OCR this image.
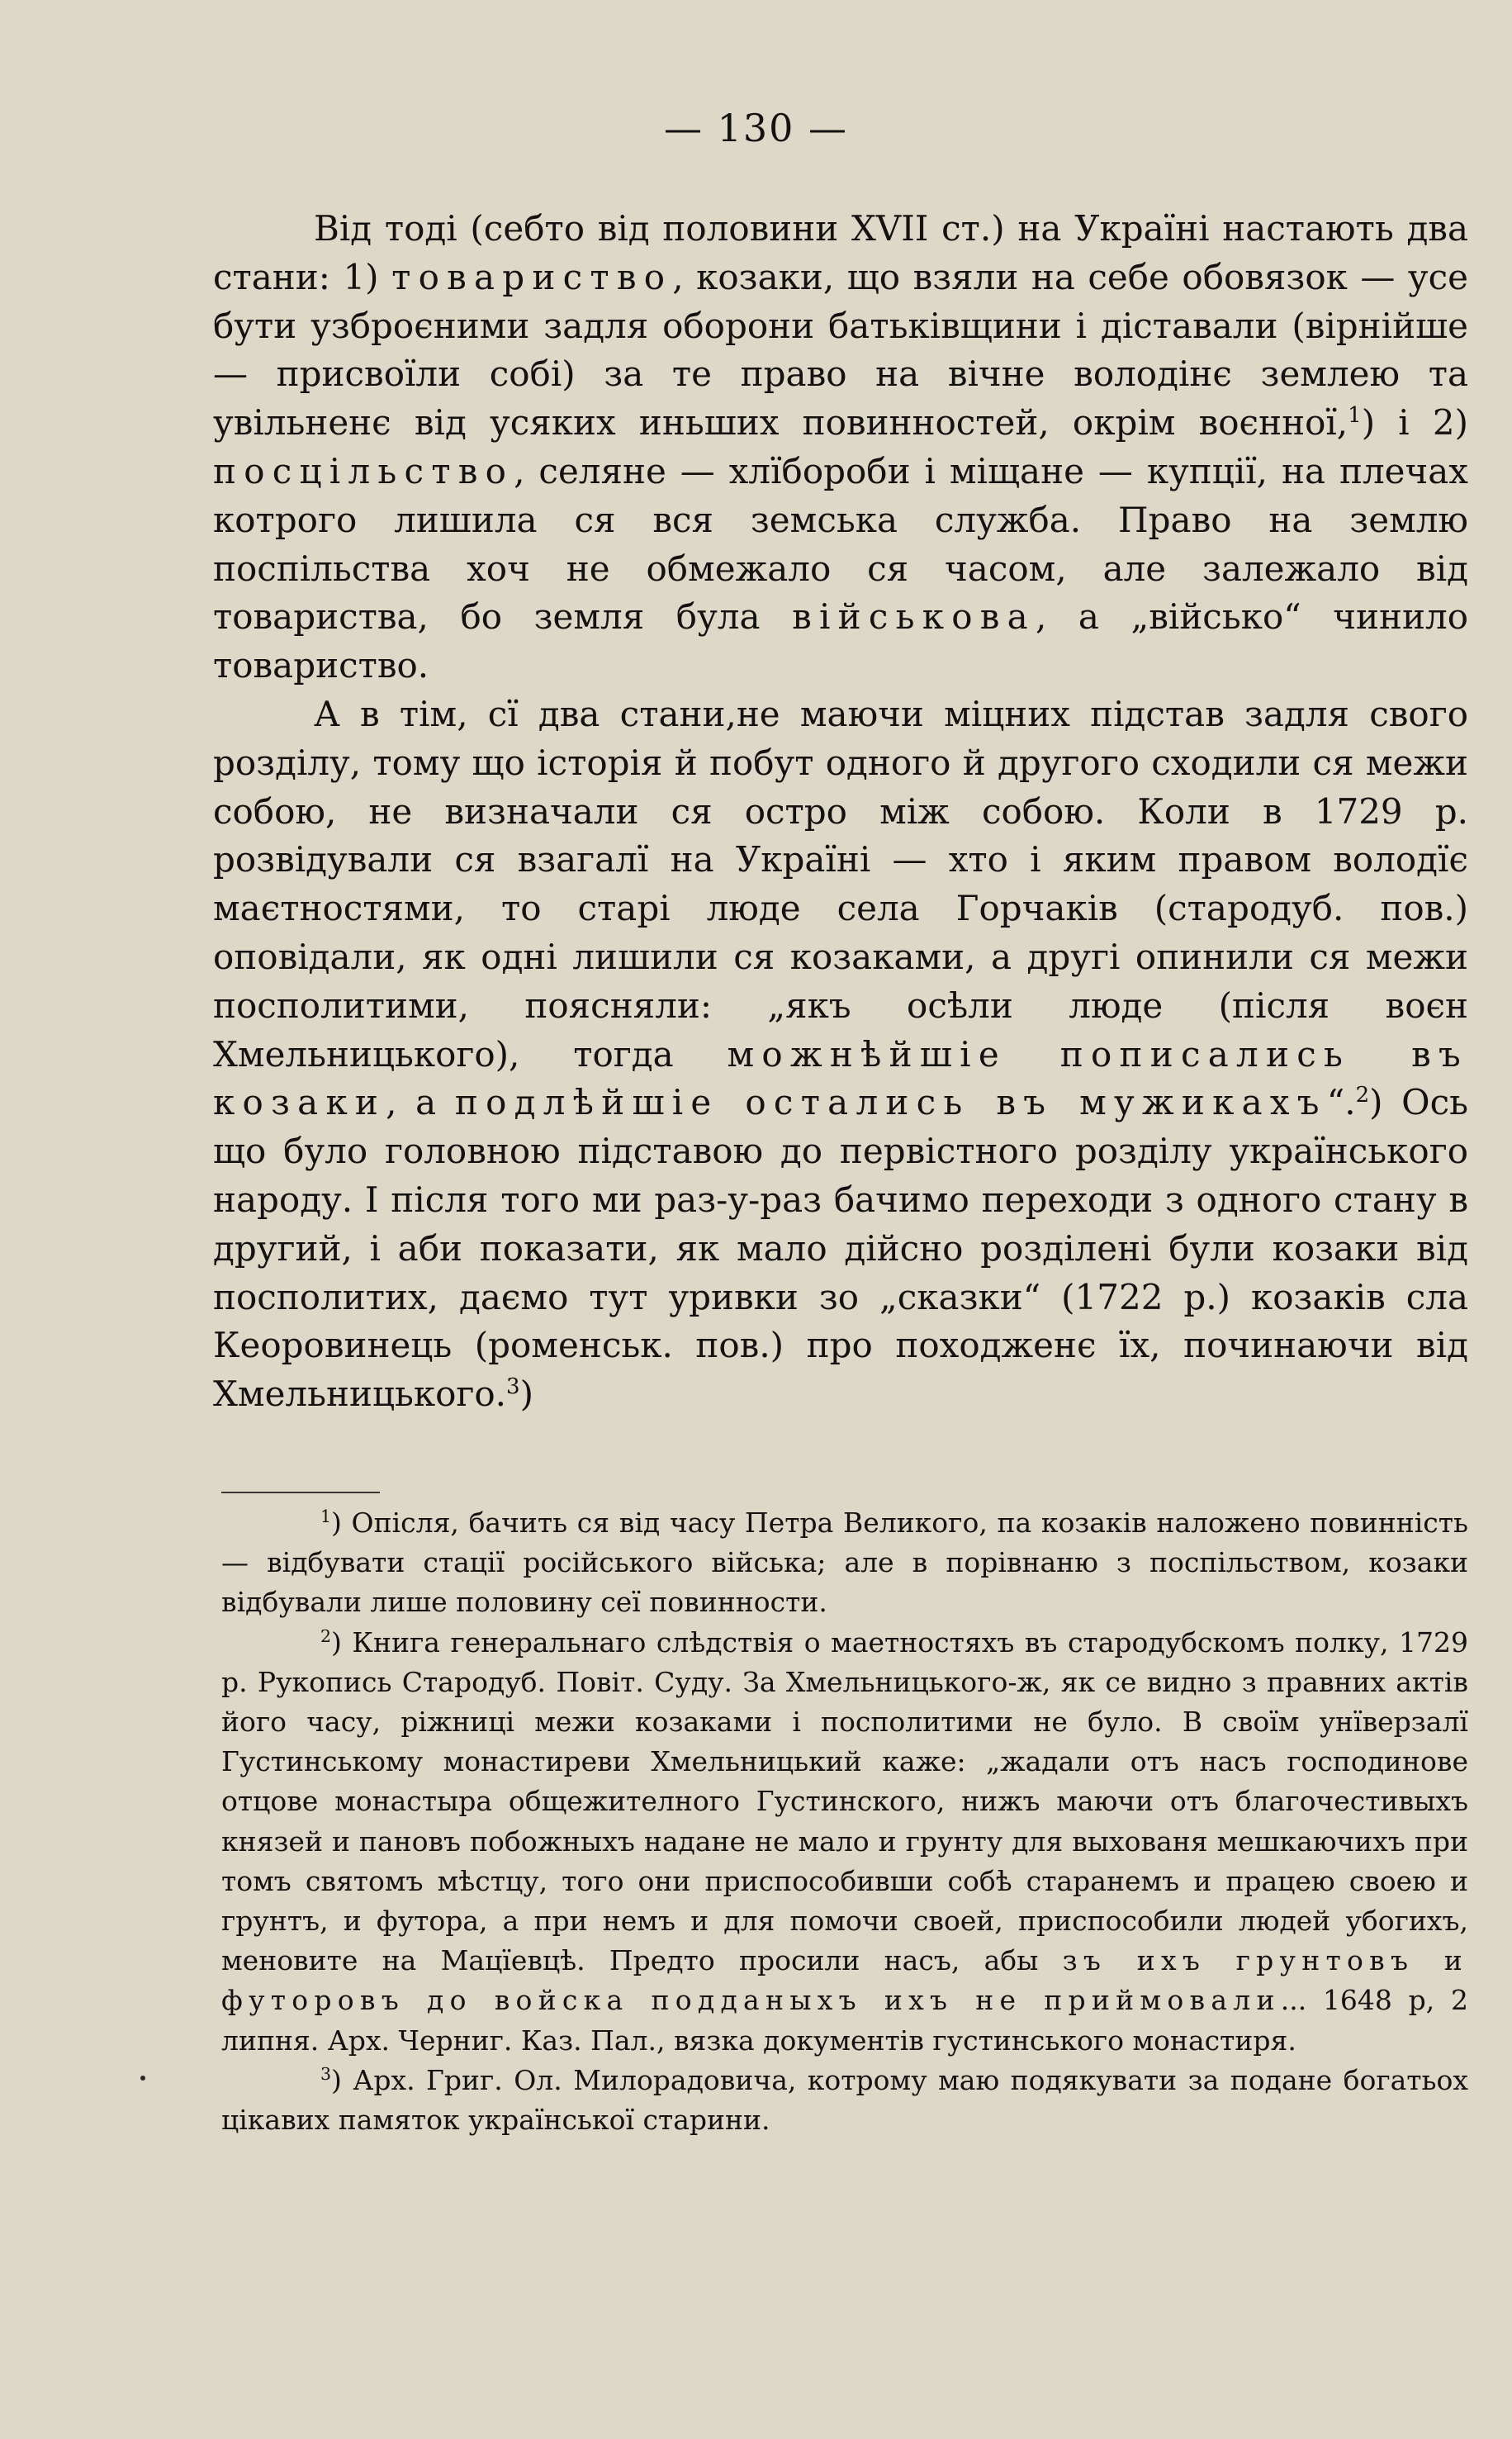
— 130 —

Від тоді (себто від половини XVII ст.) на Україні настають два стани: 1) товариство, козаки, що взяли на себе обовязок — усе бути узброєними задля оборони батьківщини і діставали (вірнійше — присвоїли собі) за те право на вічне володінє землею та увільненє від усяких иньших повинностей, окрім воєнної,$^1$) і 2) посцільство, селяне — хлїбороби і міщане — купції, на плечах котрого лишила ся вся земська служба. Право на землю поспільства хоч не обмежало ся часом, але залежало від товариства, бо земля була військова, а „військо“ чинило товариство.

А в тім, сї два стани,не маючи міцних підстав задля свого розділу, тому що історія й побут одного й другого сходили ся межи собою, не визначали ся остро між собою. Коли в 1729 р. розвідували ся взагалї на Україні — хто і яким правом володїє маєтностями, то старі люде села Горчаків (стародуб. пов.) оповідали, як одні лишили ся козаками, а другі опинили ся межи посполитими, поясняли: „якъ осѣли люде (після вoєн Хмельницького), тогда можнѣйшіе пописались въ козаки, а подлѣйшіе остались въ мужикахъ“.$^2$) Ось що було головною підставою до первістного розділу українського народу. І після того ми раз-у-раз бачимо переходи з одного стану в другий, і аби показати, як мало дійсно розділені були козаки від посполитих, даємо тут уривки зо „сказки“ (1722 р.) козаків сла Кеоровинець (роменськ. пов.) про походженє їх, починаючи від Хмельницького.$^3$)

$^1$) Опісля, бачить ся від часу Петра Великого, па козаків наложено повинність — відбувати стації російського війська; але в порівнаню з поспільством, козаки відбували лише половину сеї повинности.

$^2$) Книга генеральнаго слѣдствія о маетностяхъ въ стародубскомъ полку, 1729 р. Рукопись Стародуб. Повіт. Суду. За Хмельницького-ж, як се видно з правних актів його часу, ріжниці межи козаками і посполитими не було. В своїм унїверзалї Густинському монастиреви Хмельницький каже: „жадали отъ насъ господинове отцове монастыра общежителного Густинского, нижъ маючи отъ благочестивыхъ князей и пановъ побожныхъ надане не мало и грунту для выхованя мешкаючихъ при томъ святомъ мѣстцу, того они приспособивши собѣ старанемъ и працею своею и грунтъ, и футора, а при немъ и для помочи своей, приспособили людей убогихъ, меновите на Мацїевцѣ. Предто просили насъ, абы зъ ихъ грунтовъ и футоровъ до войска подданыхъ ихъ не приймовали... 1648 р, 2 липня. Арх. Черниг. Каз. Пал., вязка документів густинського монастиря.

$^3$) Арх. Григ. Ол. Милорадовича, котрому маю подякувати за подане богатьох цікавих памяток української старини.
